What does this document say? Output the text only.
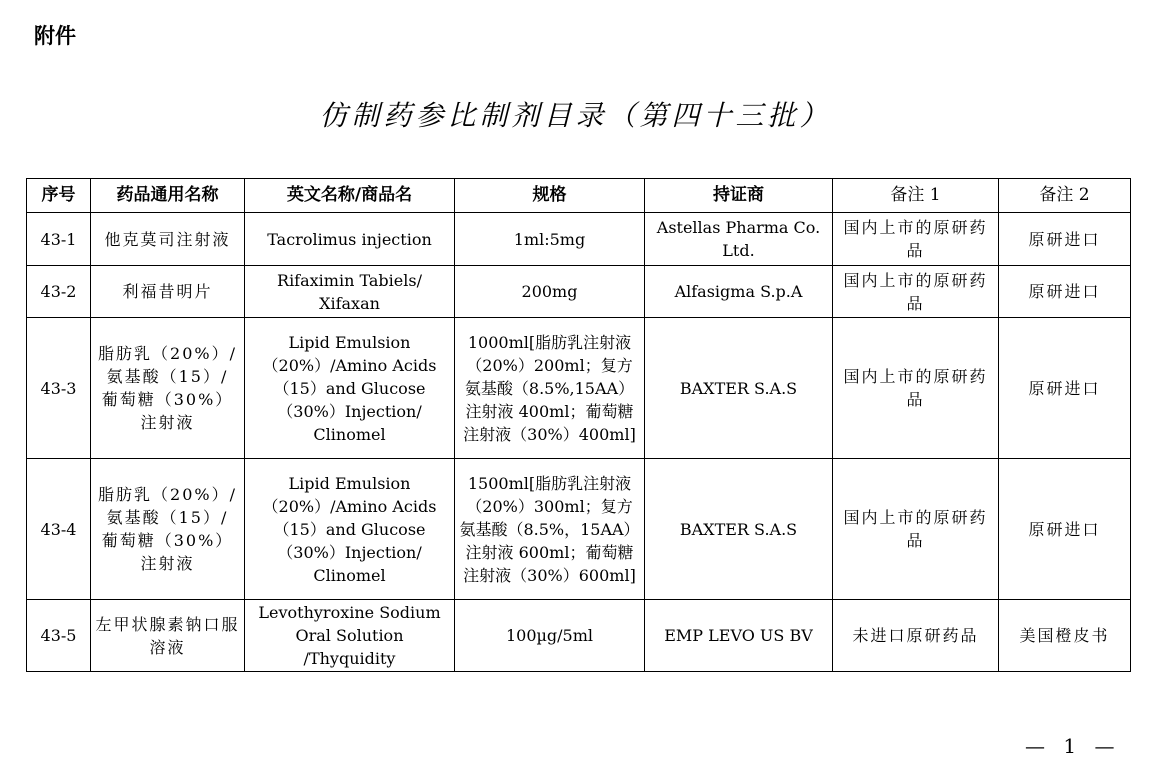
附件
仿制药参比制剂目录（第四十三批）
序号	药品通用名称	英文名称/商品名	规格	持证商	备注 1	备注 2
43-1	他克莫司注射液	Tacrolimus injection	1ml:5mg	Astellas Pharma Co. Ltd.	国内上市的原研药品	原研进口
43-2	利福昔明片	Rifaximin Tabiels/ Xifaxan	200mg	Alfasigma S.p.A	国内上市的原研药品	原研进口
43-3	脂肪乳（20%）/氨基酸（15）/ 葡萄糖（30%）注射液	Lipid Emulsion（20%）/Amino Acids（15）and Glucose（30%）Injection/ Clinomel	1000ml[脂肪乳注射液（20%）200ml；复方氨基酸（8.5%,15AA）注射液 400ml；葡萄糖注射液（30%）400ml]	BAXTER S.A.S	国内上市的原研药品	原研进口
43-4	脂肪乳（20%）/氨基酸（15）/ 葡萄糖（30%）注射液	Lipid Emulsion（20%）/Amino Acids（15）and Glucose（30%）Injection/ Clinomel	1500ml[脂肪乳注射液（20%）300ml；复方氨基酸（8.5%，15AA）注射液 600ml；葡萄糖注射液（30%）600ml]	BAXTER S.A.S	国内上市的原研药品	原研进口
43-5	左甲状腺素钠口服溶液	Levothyroxine Sodium Oral Solution /Thyquidity	100µg/5ml	EMP LEVO US BV	未进口原研药品	美国橙皮书
— 1 —
